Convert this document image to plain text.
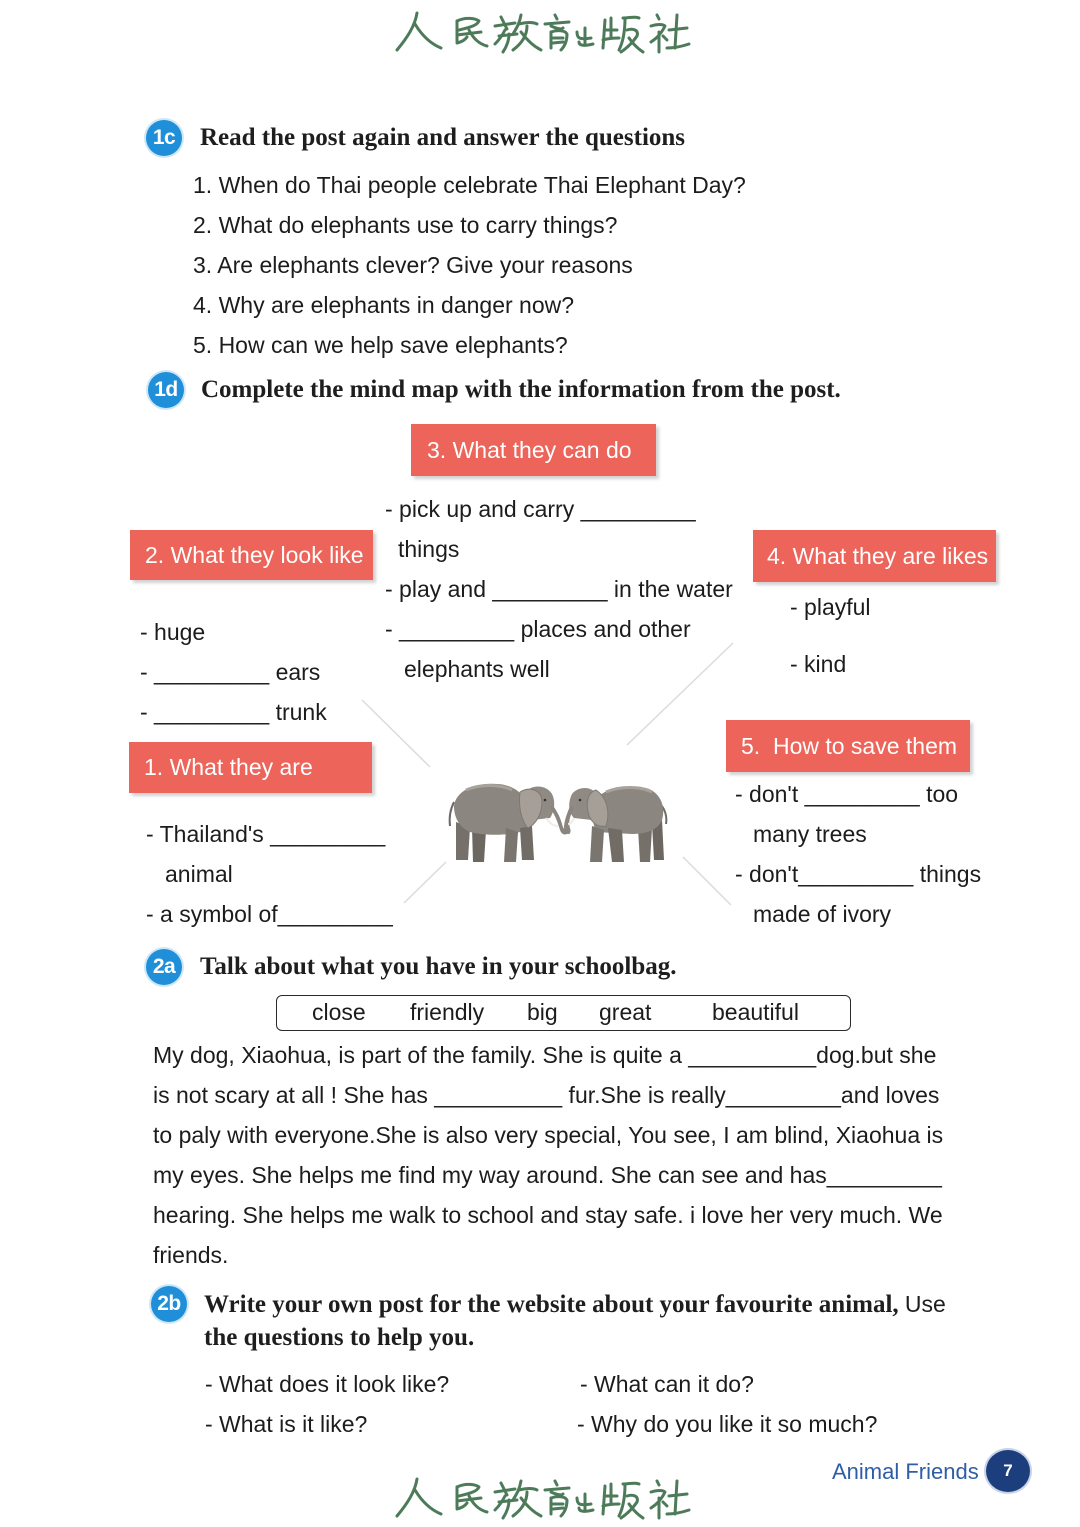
1c Read the post again and answer the questions
1. When do Thai people celebrate Thai Elephant Day?
2. What do elephants use to carry things?
3. Are elephants clever? Give your reasons
4. Why are elephants in danger now?
5. How can we help save elephants?
1d Complete the mind map with the information from the post.
3. What they can do
- pick up and carry _________
things
- play and _________ in the water
- _________ places and other
elephants well
2. What they look like
- huge
- _________ ears
- _________ trunk
4. What they are likes
- playful
- kind
1. What they are
- Thailand's _________
animal
- a symbol of_________
5.  How to save them
- don't _________ too
many trees
- don't_________ things
made of ivory
2a Talk about what you have in your schoolbag.
close friendly big great	beautiful
My dog, Xiaohua, is part of the family. She is quite a __________dog.but she
is not scary at all ! She has __________ fur.She is really_________and loves
to paly with everyone.She is also very special, You see, I am blind, Xiaohua is
my eyes. She helps me find my way around. She can see and has_________
hearing. She helps me walk to school and stay safe. i love her very much. We
friends.
2b Write your own post for the website about your favourite animal, Use
the questions to help you.
- What does it look like?	- What can it do?
- What is it like?	- Why do you like it so much?
Animal Friends	7
